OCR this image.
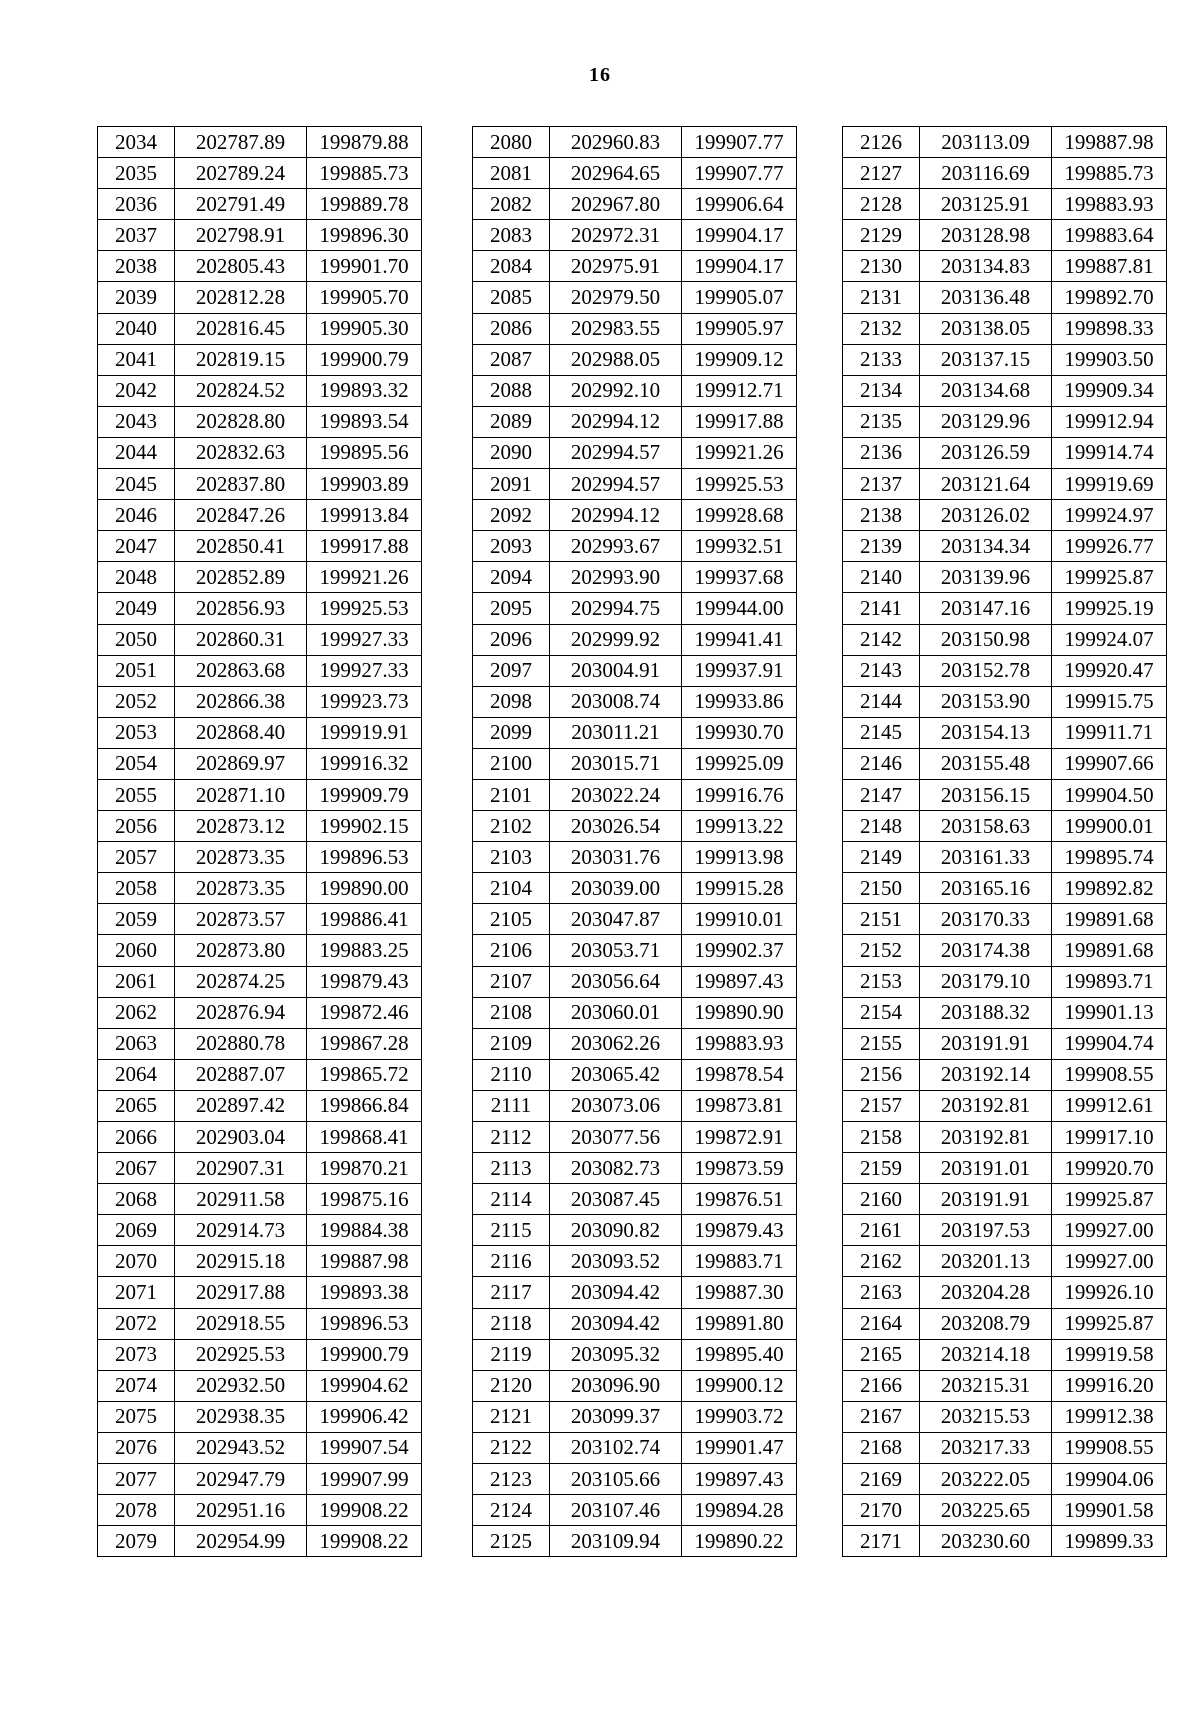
16
2034	202787.89	199879.88
2035	202789.24	199885.73
2036	202791.49	199889.78
2037	202798.91	199896.30
2038	202805.43	199901.70
2039	202812.28	199905.70
2040	202816.45	199905.30
2041	202819.15	199900.79
2042	202824.52	199893.32
2043	202828.80	199893.54
2044	202832.63	199895.56
2045	202837.80	199903.89
2046	202847.26	199913.84
2047	202850.41	199917.88
2048	202852.89	199921.26
2049	202856.93	199925.53
2050	202860.31	199927.33
2051	202863.68	199927.33
2052	202866.38	199923.73
2053	202868.40	199919.91
2054	202869.97	199916.32
2055	202871.10	199909.79
2056	202873.12	199902.15
2057	202873.35	199896.53
2058	202873.35	199890.00
2059	202873.57	199886.41
2060	202873.80	199883.25
2061	202874.25	199879.43
2062	202876.94	199872.46
2063	202880.78	199867.28
2064	202887.07	199865.72
2065	202897.42	199866.84
2066	202903.04	199868.41
2067	202907.31	199870.21
2068	202911.58	199875.16
2069	202914.73	199884.38
2070	202915.18	199887.98
2071	202917.88	199893.38
2072	202918.55	199896.53
2073	202925.53	199900.79
2074	202932.50	199904.62
2075	202938.35	199906.42
2076	202943.52	199907.54
2077	202947.79	199907.99
2078	202951.16	199908.22
2079	202954.99	199908.22
2080	202960.83	199907.77
2081	202964.65	199907.77
2082	202967.80	199906.64
2083	202972.31	199904.17
2084	202975.91	199904.17
2085	202979.50	199905.07
2086	202983.55	199905.97
2087	202988.05	199909.12
2088	202992.10	199912.71
2089	202994.12	199917.88
2090	202994.57	199921.26
2091	202994.57	199925.53
2092	202994.12	199928.68
2093	202993.67	199932.51
2094	202993.90	199937.68
2095	202994.75	199944.00
2096	202999.92	199941.41
2097	203004.91	199937.91
2098	203008.74	199933.86
2099	203011.21	199930.70
2100	203015.71	199925.09
2101	203022.24	199916.76
2102	203026.54	199913.22
2103	203031.76	199913.98
2104	203039.00	199915.28
2105	203047.87	199910.01
2106	203053.71	199902.37
2107	203056.64	199897.43
2108	203060.01	199890.90
2109	203062.26	199883.93
2110	203065.42	199878.54
2111	203073.06	199873.81
2112	203077.56	199872.91
2113	203082.73	199873.59
2114	203087.45	199876.51
2115	203090.82	199879.43
2116	203093.52	199883.71
2117	203094.42	199887.30
2118	203094.42	199891.80
2119	203095.32	199895.40
2120	203096.90	199900.12
2121	203099.37	199903.72
2122	203102.74	199901.47
2123	203105.66	199897.43
2124	203107.46	199894.28
2125	203109.94	199890.22
2126	203113.09	199887.98
2127	203116.69	199885.73
2128	203125.91	199883.93
2129	203128.98	199883.64
2130	203134.83	199887.81
2131	203136.48	199892.70
2132	203138.05	199898.33
2133	203137.15	199903.50
2134	203134.68	199909.34
2135	203129.96	199912.94
2136	203126.59	199914.74
2137	203121.64	199919.69
2138	203126.02	199924.97
2139	203134.34	199926.77
2140	203139.96	199925.87
2141	203147.16	199925.19
2142	203150.98	199924.07
2143	203152.78	199920.47
2144	203153.90	199915.75
2145	203154.13	199911.71
2146	203155.48	199907.66
2147	203156.15	199904.50
2148	203158.63	199900.01
2149	203161.33	199895.74
2150	203165.16	199892.82
2151	203170.33	199891.68
2152	203174.38	199891.68
2153	203179.10	199893.71
2154	203188.32	199901.13
2155	203191.91	199904.74
2156	203192.14	199908.55
2157	203192.81	199912.61
2158	203192.81	199917.10
2159	203191.01	199920.70
2160	203191.91	199925.87
2161	203197.53	199927.00
2162	203201.13	199927.00
2163	203204.28	199926.10
2164	203208.79	199925.87
2165	203214.18	199919.58
2166	203215.31	199916.20
2167	203215.53	199912.38
2168	203217.33	199908.55
2169	203222.05	199904.06
2170	203225.65	199901.58
2171	203230.60	199899.33
